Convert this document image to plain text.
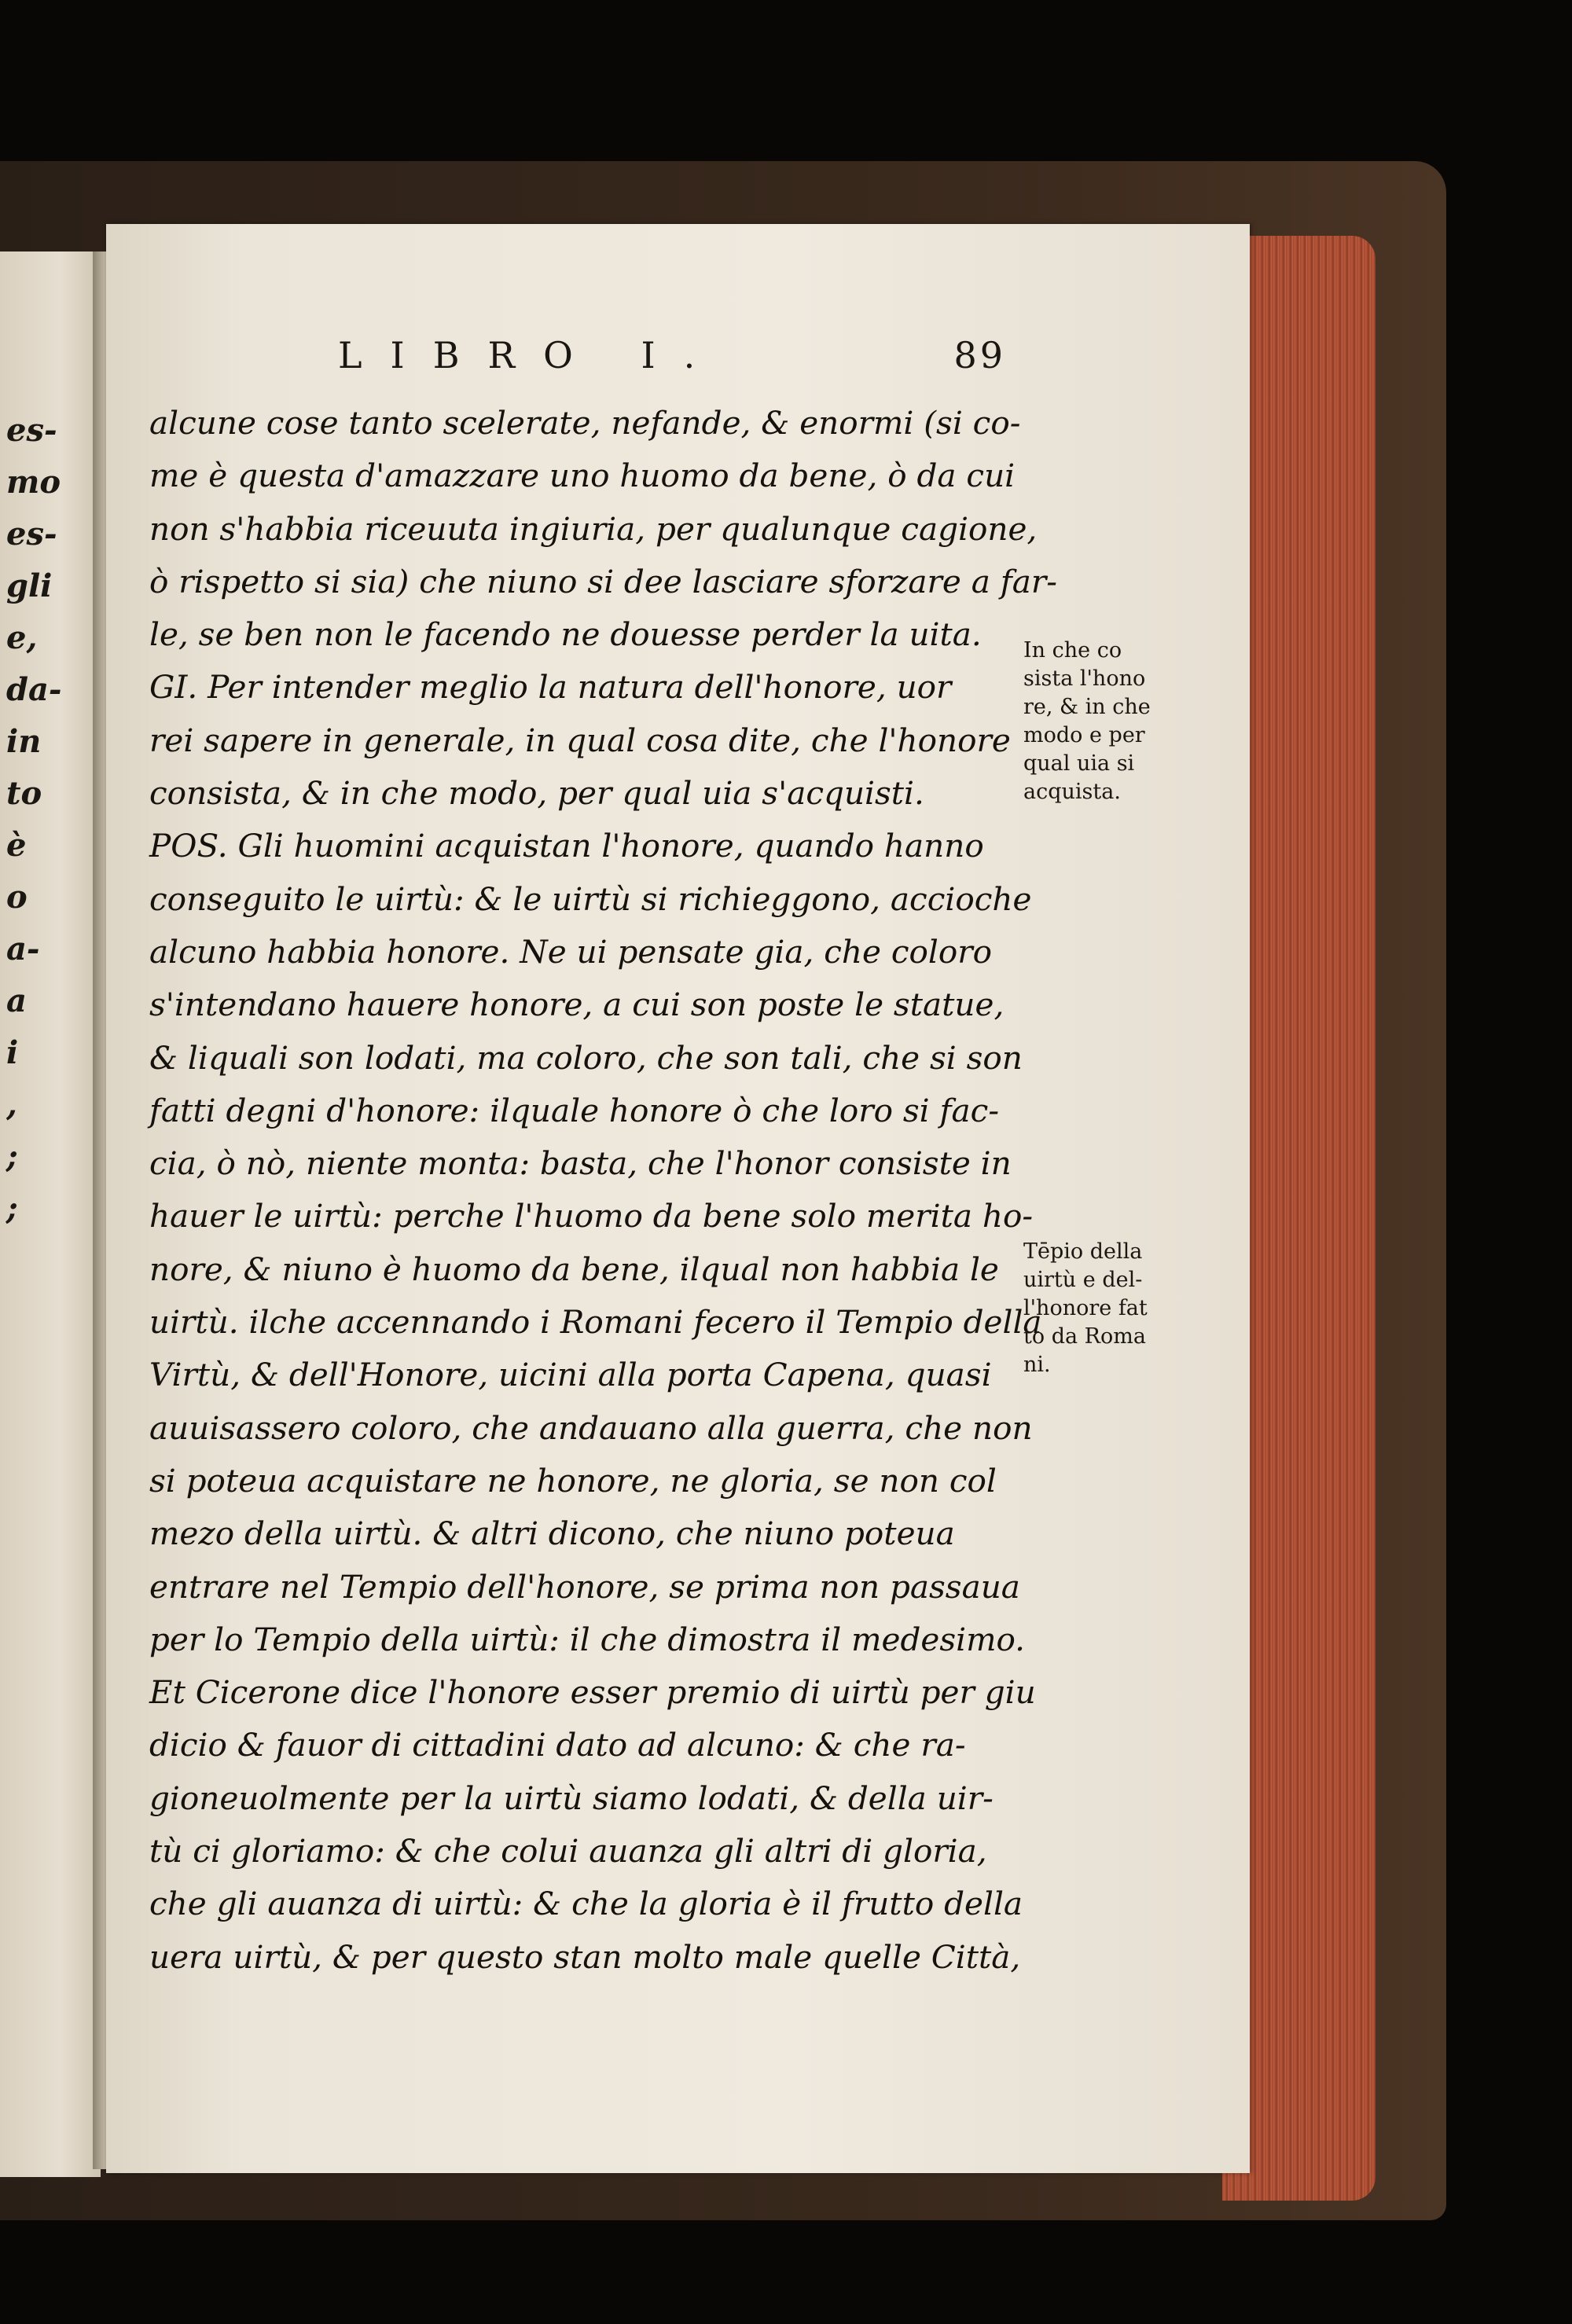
es-
mo
es-
gli
e,
da-
in
to
è
o
a-
a
i
,
;
;
LIBRO I.	89
alcune cose tanto scelerate, nefande, & enormi (si co-
me è questa d'amazzare uno huomo da bene, ò da cui
non s'habbia riceuuta ingiuria, per qualunque cagione,
ò rispetto si sia) che niuno si dee lasciare sforzare a far-
le, se ben non le facendo ne douesse perder la uita.
GI. Per intender meglio la natura dell'honore, uor
rei sapere in generale, in qual cosa dite, che l'honore
consista, & in che modo, per qual uia s'acquisti.
POS. Gli huomini acquistan l'honore, quando hanno
conseguito le uirtù: & le uirtù si richieggono, accioche
alcuno habbia honore. Ne ui pensate gia, che coloro
s'intendano hauere honore, a cui son poste le statue,
& liquali son lodati, ma coloro, che son tali, che si son
fatti degni d'honore: ilquale honore ò che loro si fac-
cia, ò nò, niente monta: basta, che l'honor consiste in
hauer le uirtù: perche l'huomo da bene solo merita ho-
nore, & niuno è huomo da bene, ilqual non habbia le
uirtù. ilche accennando i Romani fecero il Tempio della
Virtù, & dell'Honore, uicini alla porta Capena, quasi
auuisassero coloro, che andauano alla guerra, che non
si poteua acquistare ne honore, ne gloria, se non col
mezo della uirtù. & altri dicono, che niuno poteua
entrare nel Tempio dell'honore, se prima non passaua
per lo Tempio della uirtù: il che dimostra il medesimo.
Et Cicerone dice l'honore esser premio di uirtù per giu
dicio & fauor di cittadini dato ad alcuno: & che ra-
gioneuolmente per la uirtù siamo lodati, & della uir-
tù ci gloriamo: & che colui auanza gli altri di gloria,
che gli auanza di uirtù: & che la gloria è il frutto della
uera uirtù, & per questo stan molto male quelle Città,
In che co
sista l'hono
re, & in che
modo e per
qual uia si
acquista.
Tēpio della
uirtù e del-
l'honore fat
to da Roma
ni.
